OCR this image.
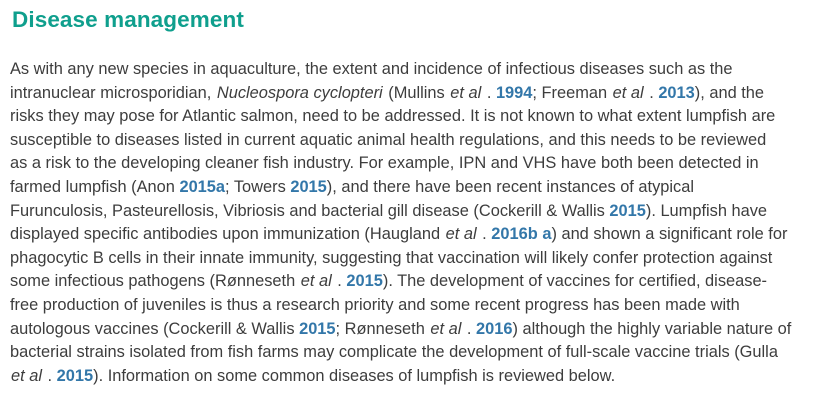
Disease management
As with any new species in aquaculture, the extent and incidence of infectious diseases such as the
intranuclear microsporidian, Nucleospora cyclopteri (Mullins et al . 1994; Freeman et al . 2013), and the
risks they may pose for Atlantic salmon, need to be addressed. It is not known to what extent lumpfish are
susceptible to diseases listed in current aquatic animal health regulations, and this needs to be reviewed
as a risk to the developing cleaner fish industry. For example, IPN and VHS have both been detected in
farmed lumpfish (Anon 2015a; Towers 2015), and there have been recent instances of atypical
Furunculosis, Pasteurellosis, Vibriosis and bacterial gill disease (Cockerill & Wallis 2015). Lumpfish have
displayed specific antibodies upon immunization (Haugland et al . 2016b a) and shown a significant role for
phagocytic B cells in their innate immunity, suggesting that vaccination will likely confer protection against
some infectious pathogens (Rønneseth et al . 2015). The development of vaccines for certified, disease-
free production of juveniles is thus a research priority and some recent progress has been made with
autologous vaccines (Cockerill & Wallis 2015; Rønneseth et al . 2016) although the highly variable nature of
bacterial strains isolated from fish farms may complicate the development of full-scale vaccine trials (Gulla
et al . 2015). Information on some common diseases of lumpfish is reviewed below.
